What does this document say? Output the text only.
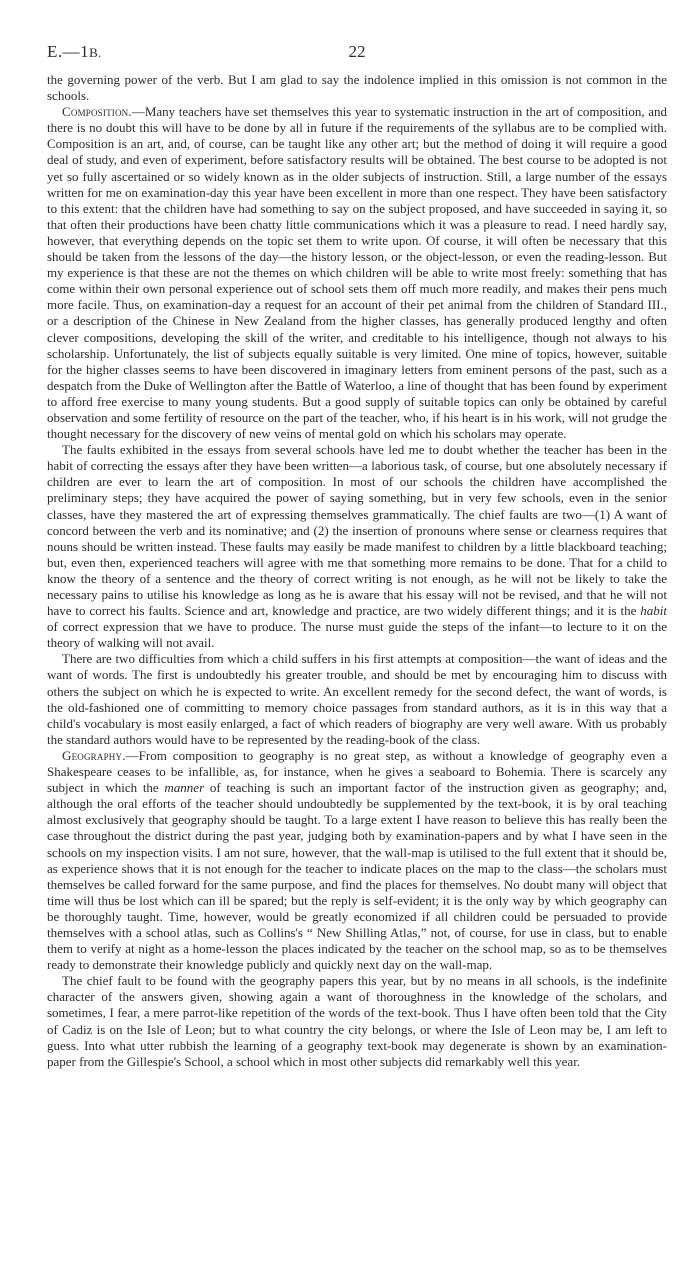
E.—1B.	22

the governing power of the verb. But I am glad to say the indolence implied in this omission is not common in the schools.

Composition.—Many teachers have set themselves this year to systematic instruction in the art of composition, and there is no doubt this will have to be done by all in future if the requirements of the syllabus are to be complied with. Composition is an art, and, of course, can be taught like any other art; but the method of doing it will require a good deal of study, and even of experiment, before satisfactory results will be obtained. The best course to be adopted is not yet so fully ascertained or so widely known as in the older subjects of instruction. Still, a large number of the essays written for me on examination-day this year have been excellent in more than one respect. They have been satisfactory to this extent: that the children have had something to say on the subject proposed, and have succeeded in saying it, so that often their productions have been chatty little communications which it was a pleasure to read. I need hardly say, however, that everything depends on the topic set them to write upon. Of course, it will often be necessary that this should be taken from the lessons of the day—the history lesson, or the object-lesson, or even the reading-lesson. But my experience is that these are not the themes on which children will be able to write most freely: something that has come within their own personal experience out of school sets them off much more readily, and makes their pens much more facile. Thus, on examination-day a request for an account of their pet animal from the children of Standard III., or a description of the Chinese in New Zealand from the higher classes, has generally produced lengthy and often clever compositions, developing the skill of the writer, and creditable to his intelligence, though not always to his scholarship. Unfortunately, the list of subjects equally suitable is very limited. One mine of topics, however, suitable for the higher classes seems to have been discovered in imaginary letters from eminent persons of the past, such as a despatch from the Duke of Wellington after the Battle of Waterloo, a line of thought that has been found by experiment to afford free exercise to many young students. But a good supply of suitable topics can only be obtained by careful observation and some fertility of resource on the part of the teacher, who, if his heart is in his work, will not grudge the thought necessary for the discovery of new veins of mental gold on which his scholars may operate.

The faults exhibited in the essays from several schools have led me to doubt whether the teacher has been in the habit of correcting the essays after they have been written—a laborious task, of course, but one absolutely necessary if children are ever to learn the art of composition. In most of our schools the children have accomplished the preliminary steps; they have acquired the power of saying something, but in very few schools, even in the senior classes, have they mastered the art of expressing themselves grammatically. The chief faults are two—(1) A want of concord between the verb and its nominative; and (2) the insertion of pronouns where sense or clearness requires that nouns should be written instead. These faults may easily be made manifest to children by a little blackboard teaching; but, even then, experienced teachers will agree with me that something more remains to be done. That for a child to know the theory of a sentence and the theory of correct writing is not enough, as he will not be likely to take the necessary pains to utilise his knowledge as long as he is aware that his essay will not be revised, and that he will not have to correct his faults. Science and art, knowledge and practice, are two widely different things; and it is the habit of correct expression that we have to produce. The nurse must guide the steps of the infant—to lecture to it on the theory of walking will not avail.

There are two difficulties from which a child suffers in his first attempts at composition—the want of ideas and the want of words. The first is undoubtedly his greater trouble, and should be met by encouraging him to discuss with others the subject on which he is expected to write. An excellent remedy for the second defect, the want of words, is the old-fashioned one of committing to memory choice passages from standard authors, as it is in this way that a child's vocabulary is most easily enlarged, a fact of which readers of biography are very well aware. With us probably the standard authors would have to be represented by the reading-book of the class.

Geography.—From composition to geography is no great step, as without a knowledge of geography even a Shakespeare ceases to be infallible, as, for instance, when he gives a seaboard to Bohemia. There is scarcely any subject in which the manner of teaching is such an important factor of the instruction given as geography; and, although the oral efforts of the teacher should undoubtedly be supplemented by the text-book, it is by oral teaching almost exclusively that geography should be taught. To a large extent I have reason to believe this has really been the case throughout the district during the past year, judging both by examination-papers and by what I have seen in the schools on my inspection visits. I am not sure, however, that the wall-map is utilised to the full extent that it should be, as experience shows that it is not enough for the teacher to indicate places on the map to the class—the scholars must themselves be called forward for the same purpose, and find the places for themselves. No doubt many will object that time will thus be lost which can ill be spared; but the reply is self-evident; it is the only way by which geography can be thoroughly taught. Time, however, would be greatly economized if all children could be persuaded to provide themselves with a school atlas, such as Collins's “ New Shilling Atlas,” not, of course, for use in class, but to enable them to verify at night as a home-lesson the places indicated by the teacher on the school map, so as to be themselves ready to demonstrate their knowledge publicly and quickly next day on the wall-map.

The chief fault to be found with the geography papers this year, but by no means in all schools, is the indefinite character of the answers given, showing again a want of thoroughness in the knowledge of the scholars, and sometimes, I fear, a mere parrot-like repetition of the words of the text-book. Thus I have often been told that the City of Cadiz is on the Isle of Leon; but to what country the city belongs, or where the Isle of Leon may be, I am left to guess. Into what utter rubbish the learning of a geography text-book may degenerate is shown by an examination-paper from the Gillespie's School, a school which in most other subjects did remarkably well this year.
